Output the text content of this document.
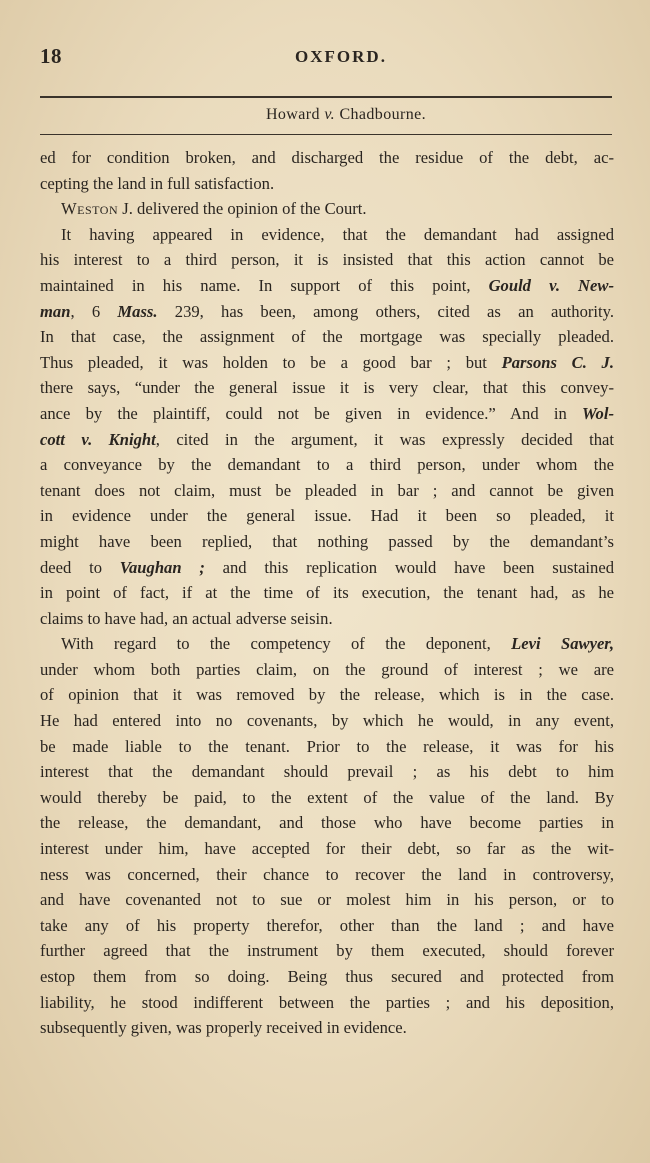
18	OXFORD.
Howard v. Chadbourne.

ed for condition broken, and discharged the residue of the debt, ac-
cepting the land in full satisfaction.

Weston J. delivered the opinion of the Court.

It having appeared in evidence, that the demandant had assigned
his interest to a third person, it is insisted that this action cannot be
maintained in his name. In support of this point, Gould v. New-
man, 6 Mass. 239, has been, among others, cited as an authority.
In that case, the assignment of the mortgage was specially pleaded.
Thus pleaded, it was holden to be a good bar ; but Parsons C. J.
there says, “under the general issue it is very clear, that this convey-
ance by the plaintiff, could not be given in evidence.” And in Wol-
cott v. Knight, cited in the argument, it was expressly decided that
a conveyance by the demandant to a third person, under whom the
tenant does not claim, must be pleaded in bar ; and cannot be given
in evidence under the general issue. Had it been so pleaded, it
might have been replied, that nothing passed by the demandant’s
deed to Vaughan ; and this replication would have been sustained
in point of fact, if at the time of its execution, the tenant had, as he
claims to have had, an actual adverse seisin.

With regard to the competency of the deponent, Levi Sawyer,
under whom both parties claim, on the ground of interest ; we are
of opinion that it was removed by the release, which is in the case.
He had entered into no covenants, by which he would, in any event,
be made liable to the tenant. Prior to the release, it was for his
interest that the demandant should prevail ; as his debt to him
would thereby be paid, to the extent of the value of the land. By
the release, the demandant, and those who have become parties in
interest under him, have accepted for their debt, so far as the wit-
ness was concerned, their chance to recover the land in controversy,
and have covenanted not to sue or molest him in his person, or to
take any of his property therefor, other than the land ; and have
further agreed that the instrument by them executed, should forever
estop them from so doing. Being thus secured and protected from
liability, he stood indifferent between the parties ; and his deposition,
subsequently given, was properly received in evidence.
